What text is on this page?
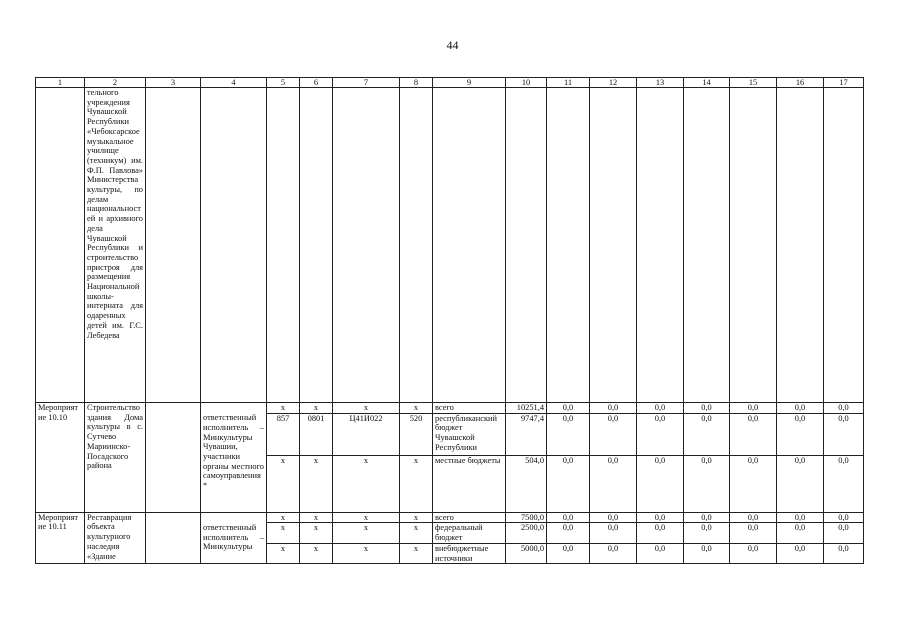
44
1	2	3	4	5	6	7	8	9	10	11	12	13	14	15	16	17
	тельного учреждения Чувашской Республики «Чебоксарское музыкальное училище (техникум) им. Ф.П. Павлова» Министерства культуры, по делам национальностей и архивного дела Чувашской Республики и строительство пристроя для размещения Национальной школы-интерната для одаренных детей им. Г.С. Лебедева															
Мероприятие 10.10	Строительство здания Дома культуры в с. Сутчево Мариинско-Посадского района			x	x	x	x	всего	10251,4	0,0	0,0	0,0	0,0	0,0	0,0	0,0
			ответственный исполнитель – Минкультуры Чувашии, участники органы местного самоуправления*	857	0801	Ц41И022	520	республиканский бюджет Чувашской Республики	9747,4	0,0	0,0	0,0	0,0	0,0	0,0	0,0
				x	x	x	x	местные бюджеты	504,0	0,0	0,0	0,0	0,0	0,0	0,0	0,0
Мероприятие 10.11	Реставрация объекта культурного наследия «Здание			x	x	x	x	всего	7500,0	0,0	0,0	0,0	0,0	0,0	0,0	0,0
			ответственный исполнитель – Минкультуры	x	x	x	x	федеральный бюджет	2500,0	0,0	0,0	0,0	0,0	0,0	0,0	0,0
				x	x	x	x	внебюджетные источники	5000,0	0,0	0,0	0,0	0,0	0,0	0,0	0,0
